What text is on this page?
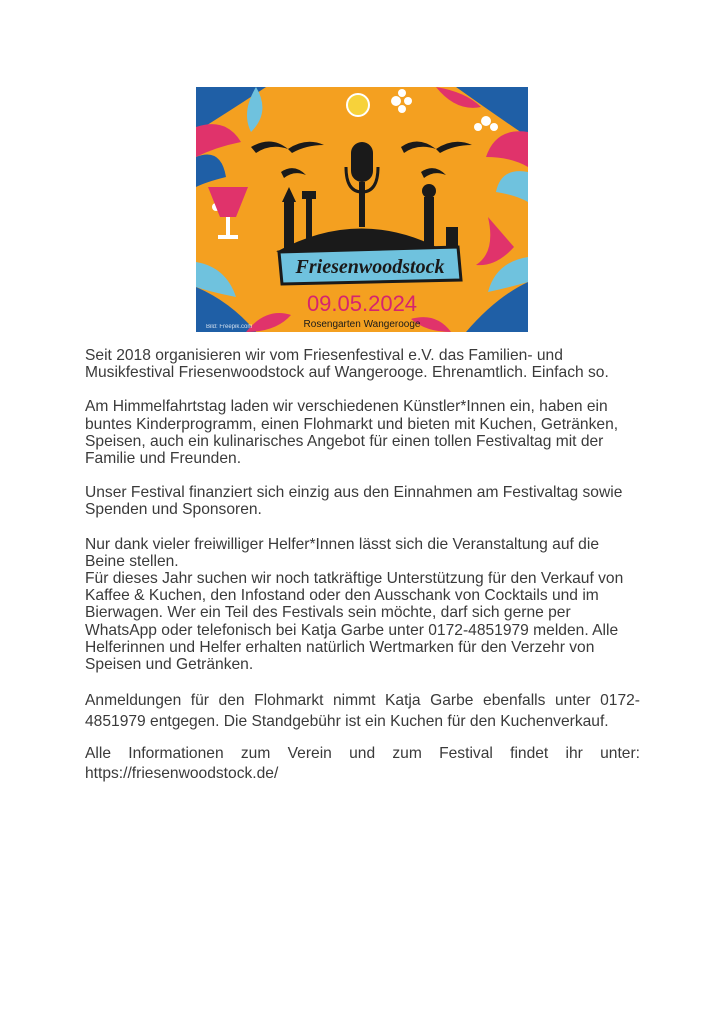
Friesenwoodstock
09.05.2024
Rosengarten Wangerooge
Bild: Freepik.com

Seit 2018 organisieren wir vom Friesenfestival e.V. das Familien- und Musikfestival Friesenwoodstock auf Wangerooge. Ehrenamtlich. Einfach so.

Am Himmelfahrtstag laden wir verschiedenen Künstler*Innen ein, haben ein buntes Kinderprogramm, einen Flohmarkt und bieten mit Kuchen, Getränken, Speisen, auch ein kulinarisches Angebot für einen tollen Festivaltag mit der Familie und Freunden.

Unser Festival finanziert sich einzig aus den Einnahmen am Festivaltag sowie Spenden und Sponsoren.

Nur dank vieler freiwilliger Helfer*Innen lässt sich die Veranstaltung auf die Beine stellen.

Für dieses Jahr suchen wir noch tatkräftige Unterstützung für den Verkauf von Kaffee & Kuchen, den Infostand oder den Ausschank von Cocktails und im Bierwagen. Wer ein Teil des Festivals sein möchte, darf sich gerne per WhatsApp oder telefonisch bei Katja Garbe unter 0172-4851979 melden. Alle Helferinnen und Helfer erhalten natürlich Wertmarken für den Verzehr von Speisen und Getränken.

Anmeldungen für den Flohmarkt nimmt Katja Garbe ebenfalls unter 0172-4851979 entgegen. Die Standgebühr ist ein Kuchen für den Kuchenverkauf.

Alle Informationen zum Verein und zum Festival findet ihr unter: https://friesenwoodstock.de/
